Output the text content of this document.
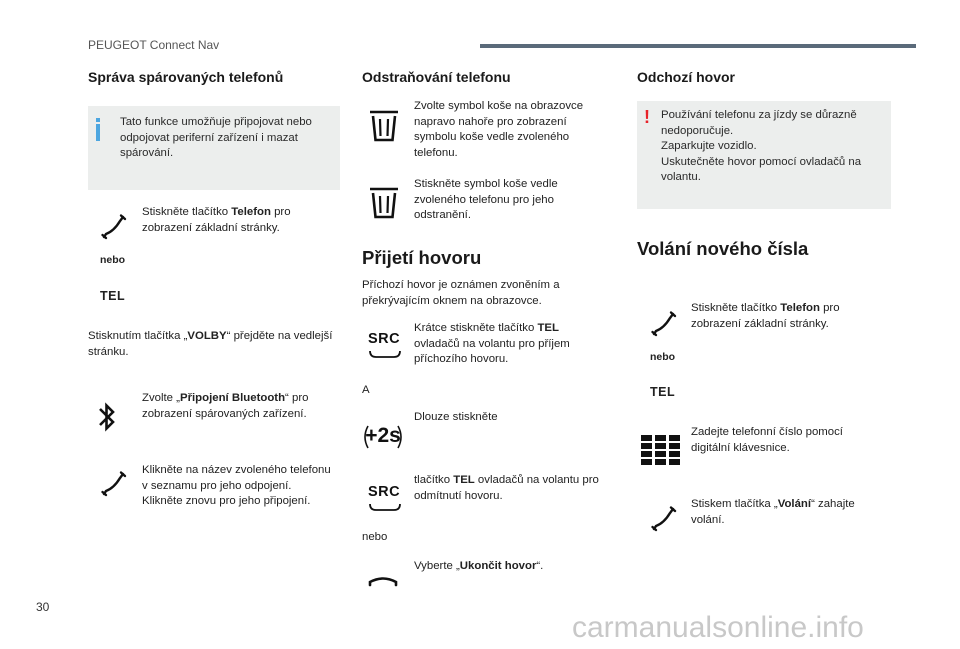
PEUGEOT Connect Nav
Správa spárovaných telefonů
Tato funkce umožňuje připojovat nebo odpojovat periferní zařízení i mazat spárování.
Stiskněte tlačítko Telefon pro zobrazení základní stránky.
nebo
TEL
Stisknutím tlačítka „VOLBY“ přejděte na vedlejší stránku.
Zvolte „Připojení Bluetooth“ pro zobrazení spárovaných zařízení.
Klikněte na název zvoleného telefonu v seznamu pro jeho odpojení.
Klikněte znovu pro jeho připojení.
Odstraňování telefonu
Zvolte symbol koše na obrazovce napravo nahoře pro zobrazení symbolu koše vedle zvoleného telefonu.
Stiskněte symbol koše vedle zvoleného telefonu pro jeho odstranění.
Přijetí hovoru
Příchozí hovor je oznámen zvoněním a překrývajícím oknem na obrazovce.
SRC
Krátce stiskněte tlačítko TEL ovladačů na volantu pro příjem příchozího hovoru.
A
+2s
Dlouze stiskněte
SRC
tlačítko TEL ovladačů na volantu pro odmítnutí hovoru.
nebo
Vyberte „Ukončit hovor“.
Odchozí hovor
! Používání telefonu za jízdy se důrazně nedoporučuje.
Zaparkujte vozidlo.
Uskutečněte hovor pomocí ovladačů na volantu.
Volání nového čísla
Stiskněte tlačítko Telefon pro zobrazení základní stránky.
nebo
TEL
Zadejte telefonní číslo pomocí digitální klávesnice.
Stiskem tlačítka „Volání“ zahajte volání.
30
carmanualsonline.info
